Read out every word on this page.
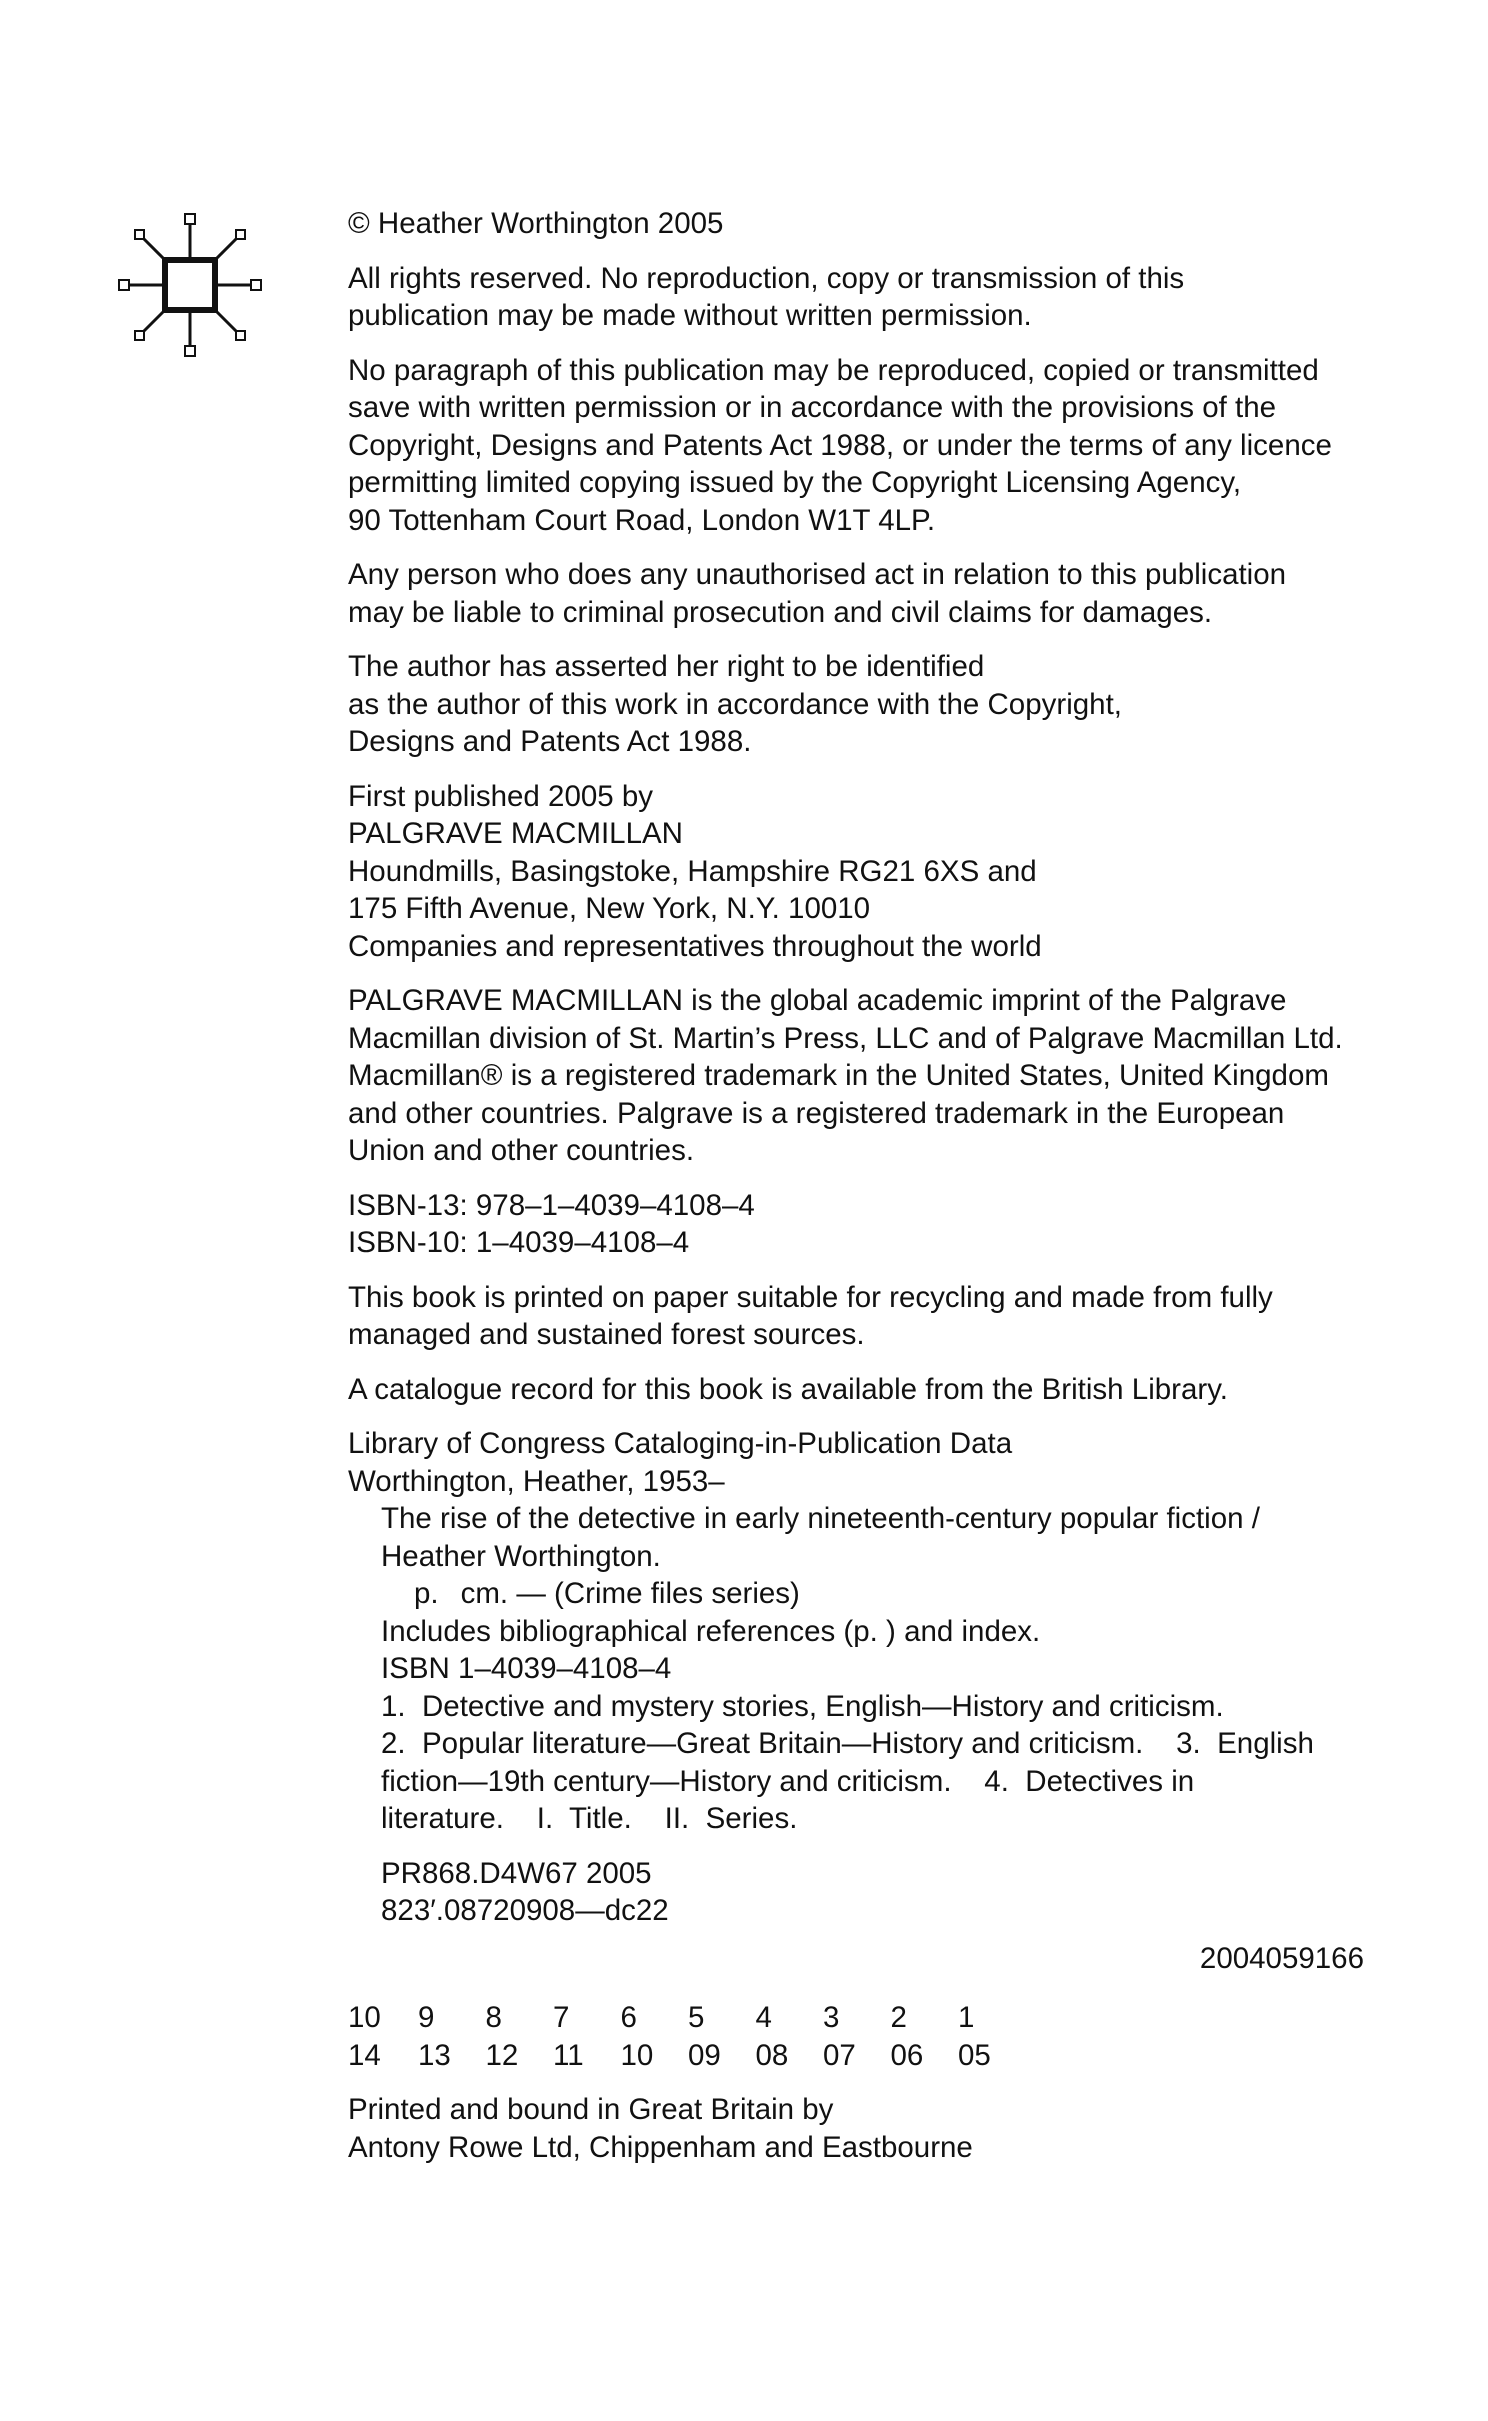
© Heather Worthington 2005
All rights reserved. No reproduction, copy or transmission of this
publication may be made without written permission.
No paragraph of this publication may be reproduced, copied or transmitted
save with written permission or in accordance with the provisions of the
Copyright, Designs and Patents Act 1988, or under the terms of any licence
permitting limited copying issued by the Copyright Licensing Agency,
90 Tottenham Court Road, London W1T 4LP.
Any person who does any unauthorised act in relation to this publication
may be liable to criminal prosecution and civil claims for damages.
The author has asserted her right to be identified
as the author of this work in accordance with the Copyright,
Designs and Patents Act 1988.
First published 2005 by
PALGRAVE MACMILLAN
Houndmills, Basingstoke, Hampshire RG21 6XS and
175 Fifth Avenue, New York, N.Y. 10010
Companies and representatives throughout the world
PALGRAVE MACMILLAN is the global academic imprint of the Palgrave
Macmillan division of St. Martin’s Press, LLC and of Palgrave Macmillan Ltd.
Macmillan® is a registered trademark in the United States, United Kingdom
and other countries. Palgrave is a registered trademark in the European
Union and other countries.
ISBN-13: 978–1–4039–4108–4
ISBN-10: 1–4039–4108–4
This book is printed on paper suitable for recycling and made from fully
managed and sustained forest sources.
A catalogue record for this book is available from the British Library.
Library of Congress Cataloging-in-Publication Data
Worthington, Heather, 1953–
The rise of the detective in early nineteenth-century popular fiction /
Heather Worthington.
p. cm. — (Crime files series)
Includes bibliographical references (p. ) and index.
ISBN 1–4039–4108–4
1.  Detective and mystery stories, English—History and criticism.
2.  Popular literature—Great Britain—History and criticism.    3.  English
fiction—19th century—History and criticism.    4.  Detectives in
literature.    I.  Title.    II.  Series.
PR868.D4W67 2005
823′.08720908—dc22
2004059166
10	9	8	7	6	5	4	3	2	1
14	13	12	11	10	09	08	07	06	05
Printed and bound in Great Britain by
Antony Rowe Ltd, Chippenham and Eastbourne
